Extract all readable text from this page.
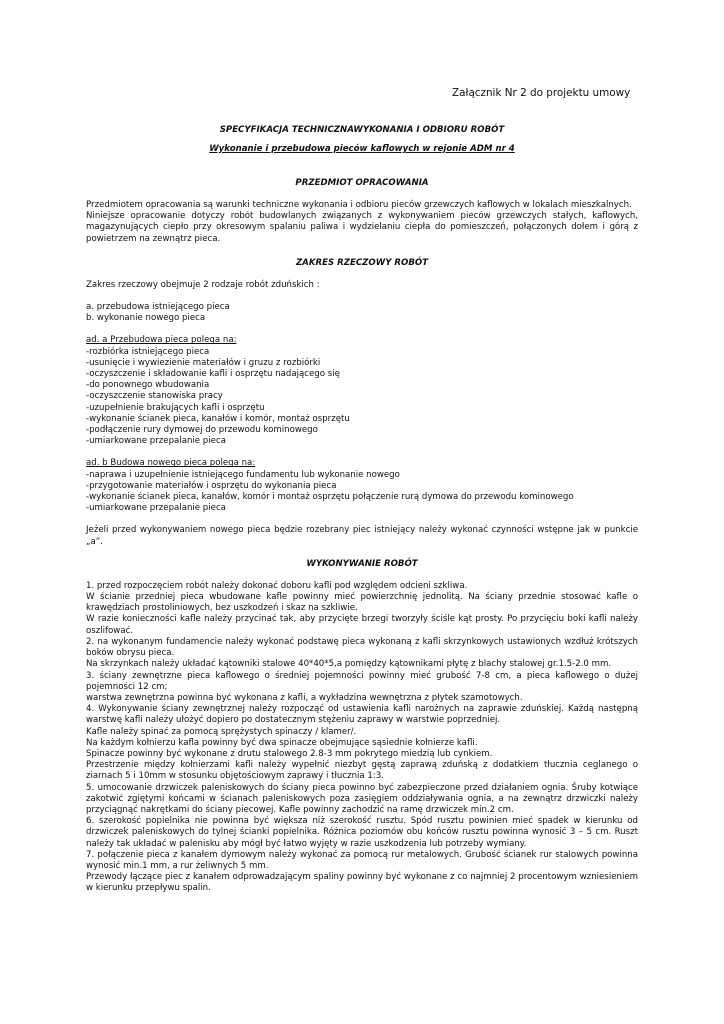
Załącznik Nr 2 do projektu umowy

SPECYFIKACJA TECHNICZNAWYKONANIA I ODBIORU ROBÓT

Wykonanie i przebudowa pieców kaflowych w rejonie ADM nr 4

PRZEDMIOT OPRACOWANIA

Przedmiotem opracowania są warunki techniczne wykonania i odbioru pieców grzewczych kaflowych w lokalach mieszkalnych.

Niniejsze opracowanie dotyczy robót budowlanych związanych z wykonywaniem pieców grzewczych stałych, kaflowych, magazynujących ciepło przy okresowym spalaniu paliwa i wydzielaniu ciepła do pomieszczeń, połączonych dołem i górą z powietrzem na zewnątrz pieca.

ZAKRES RZECZOWY ROBÓT

Zakres rzeczowy obejmuje 2 rodzaje robót zduńskich :

a. przebudowa istniejącego pieca

b. wykonanie nowego pieca

ad. a Przebudowa pieca polega na:

-rozbiórka istniejącego pieca

-usunięcie i wywiezienie materiałów i gruzu z rozbiórki

-oczyszczenie i składowanie kafli i osprzętu nadającego się

-do ponownego wbudowania

-oczyszczenie stanowiska pracy

-uzupełnienie brakujących kafli i osprzętu

-wykonanie ścianek pieca, kanałów i komór, montaż osprzętu

-podłączenie rury dymowej do przewodu kominowego

-umiarkowane przepalanie pieca

ad. b Budowa nowego pieca polega na:

-naprawa i uzupełnienie istniejącego fundamentu lub wykonanie nowego

-przygotowanie materiałów i osprzętu do wykonania pieca

-wykonanie ścianek pieca, kanałów, komór i montaż osprzętu połączenie rurą dymowa do przewodu kominowego

-umiarkowane przepalanie pieca

Jeżeli przed wykonywaniem nowego pieca będzie rozebrany piec istniejący należy wykonać czynności wstępne jak w punkcie „a”.

WYKONYWANIE ROBÓT

1. przed rozpoczęciem robót należy dokonać doboru kafli pod względem odcieni szkliwa.

W ścianie przedniej pieca wbudowane kafle powinny mieć powierzchnię jednolitą. Na ściany przednie stosować kafle o krawędziach prostoliniowych, bez uszkodzeń i skaz na szkliwie.

W razie konieczności kafle należy przycinać tak, aby przycięte brzegi tworzyły ściśle kąt prosty. Po przycięciu boki kafli należy oszlifować.

2. na wykonanym fundamencie należy wykonać podstawę pieca wykonaną z kafli skrzynkowych ustawionych wzdłuż krótszych boków obrysu pieca.

Na skrzynkach należy układać kątowniki stalowe 40*40*5,a pomiędzy kątownikami płytę z blachy stalowej gr.1.5-2.0 mm.

3. ściany zewnętrzne pieca kaflowego o średniej pojemności powinny mieć grubość 7-8 cm, a pieca kaflowego o dużej pojemności 12 cm;

warstwa zewnętrzna powinna być wykonana z kafli, a wykładzina wewnętrzna z płytek szamotowych.

4. Wykonywanie ściany zewnętrznej należy rozpocząć od ustawienia kafli narożnych na zaprawie zduńskiej. Każdą następną warstwę kafli należy ułożyć dopiero po dostatecznym stężeniu zaprawy w warstwie poprzedniej.

Kafle należy spinać za pomocą sprężystych spinaczy / klamer/.

Na każdym kołnierzu kafla powinny być dwa spinacze obejmujące sąsiednie kołnierze kafli.

Spinacze powinny być wykonane z drutu stalowego 2.8-3 mm pokrytego miedzią lub cynkiem.

Przestrzenie między kołnierzami kafli należy wypełnić niezbyt gęstą zaprawą zduńską z dodatkiem tłucznia ceglanego o ziarnach 5 i 10mm w stosunku objętościowym zaprawy i tłucznia 1:3.

5. umocowanie drzwiczek paleniskowych do ściany pieca powinno być zabezpieczone przed działaniem ognia. Śruby kotwiące zakotwić zgiętymi końcami w ścianach paleniskowych poza zasięgiem oddziaływania ognia, a na zewnątrz drzwiczki należy przyciągnąć nakrętkami do ściany piecowej. Kafle powinny zachodzić na ramę drzwiczek min.2 cm.

6. szerokość popielnika nie powinna być większa niż szerokość rusztu. Spód rusztu powinien mieć spadek w kierunku od drzwiczek paleniskowych do tylnej ścianki popielnika. Różnica poziomów obu końców rusztu powinna wynosić 3 – 5 cm. Ruszt należy tak układać w palenisku aby mógł być łatwo wyjęty w razie uszkodzenia lub potrzeby wymiany.

7. połączenie pieca z kanałem dymowym należy wykonać za pomocą rur metalowych. Grubość ścianek rur stalowych powinna wynosić min.1 mm, a rur żeliwnych 5 mm.

Przewody łączące piec z kanałem odprowadzającym spaliny powinny być wykonane z co najmniej 2 procentowym wzniesieniem w kierunku przepływu spalin.
